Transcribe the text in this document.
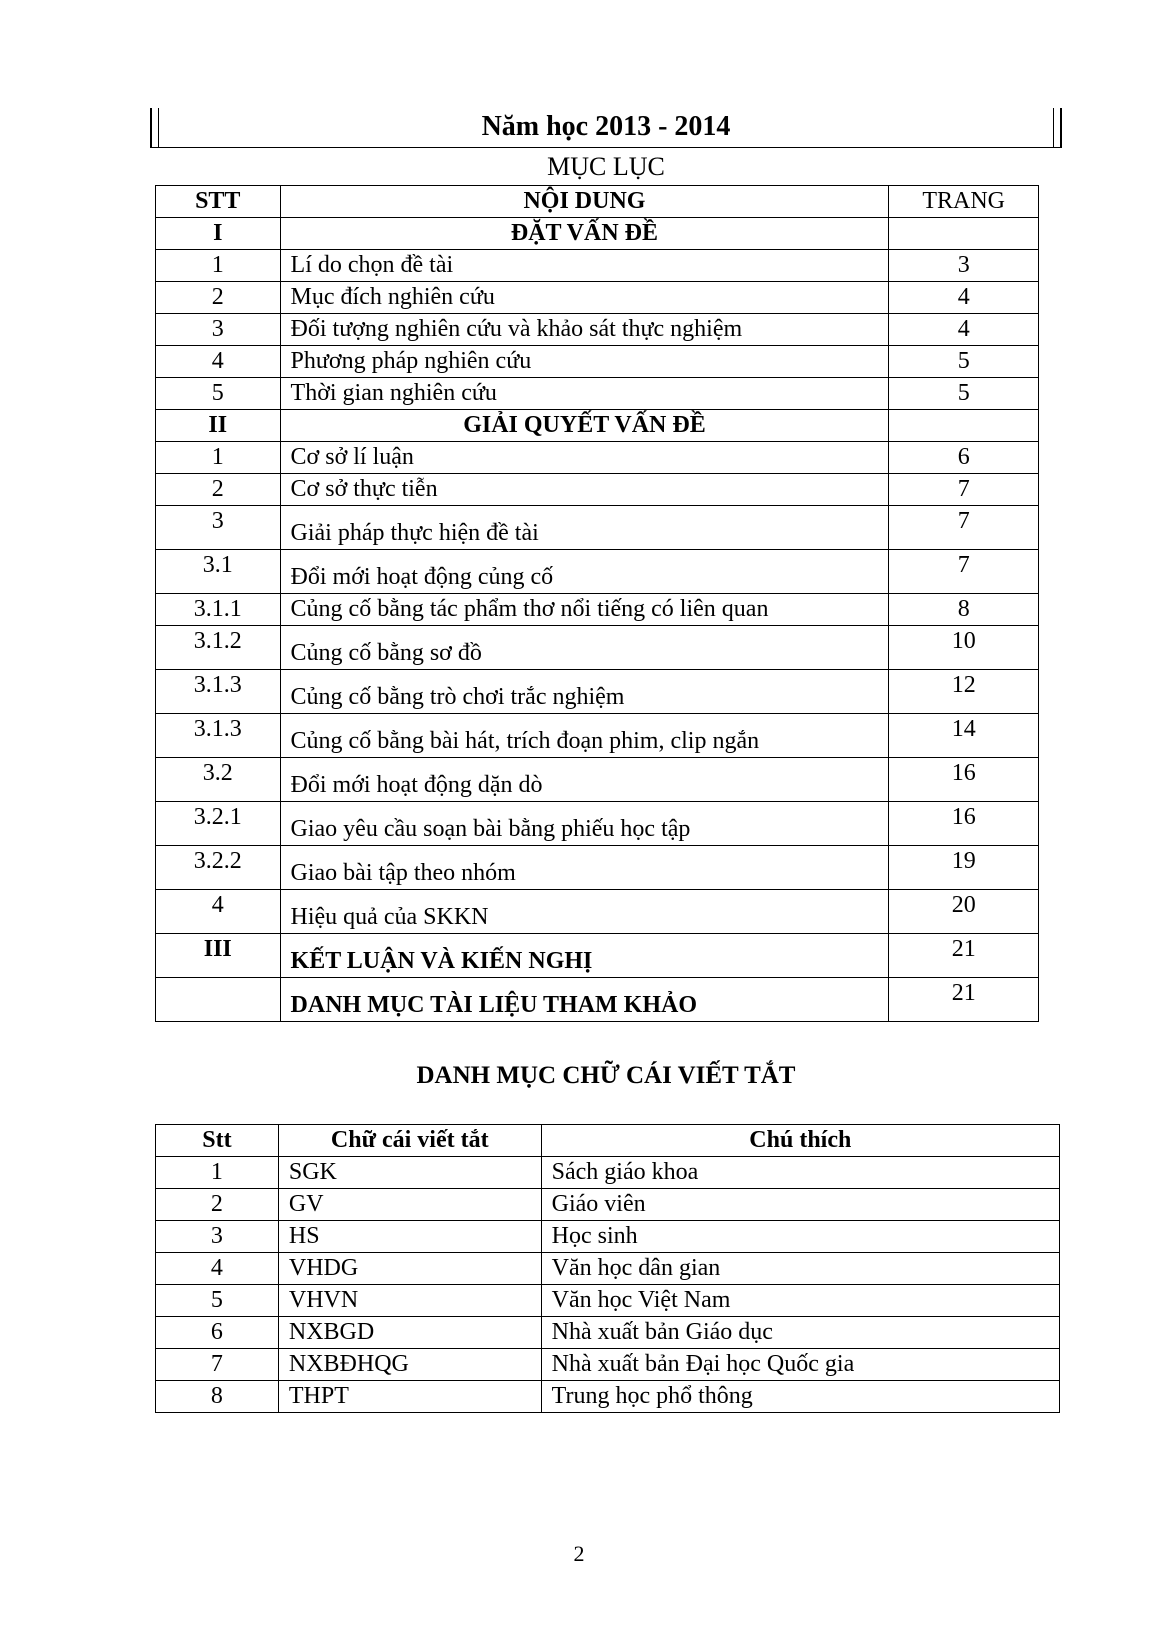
Năm học 2013 - 2014
MỤC LỤC
STT	NỘI DUNG	TRANG
I	ĐẶT VẤN ĐỀ	
1	Lí do chọn đề tài	3
2	Mục đích nghiên cứu	4
3	Đối tượng nghiên cứu và khảo sát thực nghiệm	4
4	Phương pháp nghiên cứu	5
5	Thời gian nghiên cứu	5
II	GIẢI QUYẾT VẤN ĐỀ	
1	Cơ sở lí luận	6
2	Cơ sở thực tiễn	7
3	Giải pháp thực hiện đề tài	7
3.1	Đổi mới hoạt động củng cố	7
3.1.1	Củng cố bằng tác phẩm thơ nổi tiếng có liên quan	8
3.1.2	Củng cố bằng sơ đồ	10
3.1.3	Củng cố bằng trò chơi trắc nghiệm	12
3.1.3	Củng cố bằng bài hát, trích đoạn phim, clip ngắn	14
3.2	Đổi mới hoạt động dặn dò	16
3.2.1	Giao yêu cầu soạn bài bằng phiếu học tập	16
3.2.2	Giao bài tập theo nhóm	19
4	Hiệu quả của SKKN	20
III	KẾT LUẬN VÀ KIẾN NGHỊ	21
	DANH MỤC TÀI LIỆU THAM KHẢO	21
DANH MỤC CHỮ CÁI VIẾT TẮT
Stt	Chữ cái viết tắt	Chú thích
1	SGK	Sách giáo khoa
2	GV	Giáo viên
3	HS	Học sinh
4	VHDG	Văn học dân gian
5	VHVN	Văn học Việt Nam
6	NXBGD	Nhà xuất bản Giáo dục
7	NXBĐHQG	Nhà xuất bản Đại học Quốc gia
8	THPT	Trung học phổ thông
2
